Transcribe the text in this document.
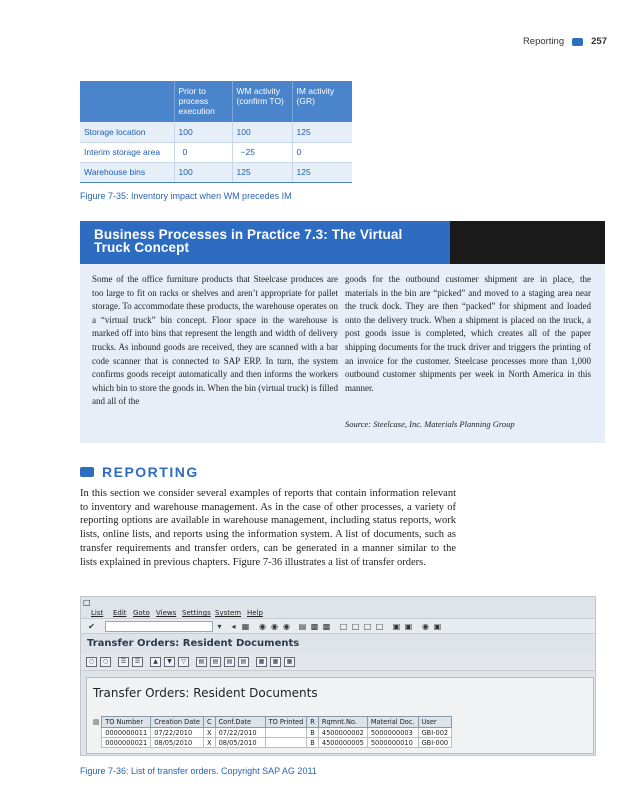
Reporting	257
	Prior to process execution	WM activity (confirm TO)	IM activity (GR)
Storage location	100	100	125
Interim storage area	0	−25	0
Warehouse bins	100	125	125
Figure 7-35: Inventory impact when WM precedes IM
Business Processes in Practice 7.3: The Virtual
Truck Concept
Some of the office furniture products that Steelcase produces are too large to fit on racks or shelves and aren’t appropriate for pallet storage. To accommodate these products, the warehouse operates on a “virtual truck” bin concept. Floor space in the warehouse is marked off into bins that represent the length and width of delivery trucks. As inbound goods are received, they are scanned with a bar code scanner that is connected to SAP ERP. In turn, the system confirms goods receipt automatically and then informs the workers which bin to store the goods in. When the bin (virtual truck) is filled and all of the
goods for the outbound customer shipment are in place, the materials in the bin are “picked” and moved to a staging area near the truck dock. They are then “packed” for shipment and loaded onto the delivery truck. When a shipment is placed on the truck, a post goods issue is completed, which creates all of the paper shipping documents for the truck driver and triggers the printing of an invoice for the customer. Steelcase processes more than 1,000 outbound customer shipments per week in North America in this manner.
Source: Steelcase, Inc. Materials Planning Group
REPORTING
In this section we consider several examples of reports that contain information relevant to inventory and warehouse management. As in the case of other processes, a variety of reporting options are available in warehouse management, including status reports, work lists, online lists, and reports using the information system. A list of documents, such as transfer requirements and transfer orders, can be generated in a manner similar to the lists explained in previous chapters. Figure 7-36 illustrates a list of transfer orders.
□
List Edit Goto Views Settings System Help
✔	▾	◂ ▦ ◉ ◉ ◉ ▤ ▩ ▩ □ □ □ □ ▣ ▣ ◉ ▣
Transfer Orders: Resident Documents
○	○	☰	☰	▲	▼	▽	▤	▤	▤	▤	▦	▦	▦
Transfer Orders: Resident Documents
▤	TO Number	Creation Date	C	Conf.Date	TO Printed	R	Rqmnt.No.	Material Doc.	User
	0000000011	07/22/2010	X	07/22/2010		B	4500000002	5000000003	GBI-002
	0000000021	08/05/2010	X	08/05/2010		B	4500000005	5000000010	GBI-000
Figure 7-36: List of transfer orders. Copyright SAP AG 2011
